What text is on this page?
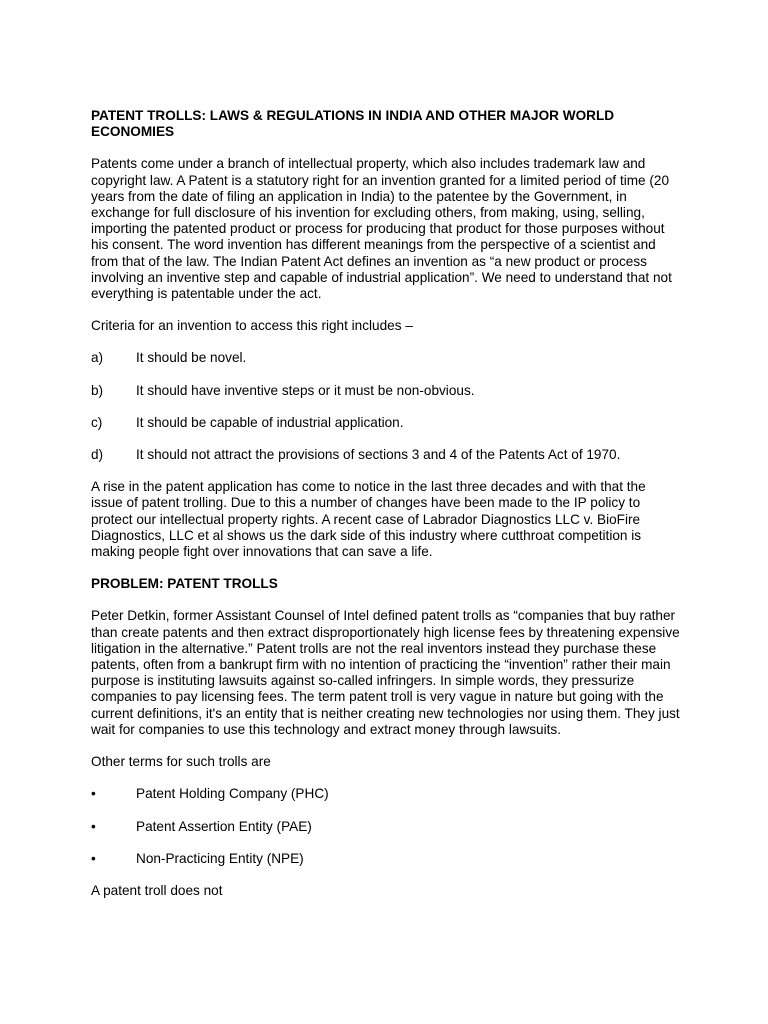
PATENT TROLLS: LAWS & REGULATIONS IN INDIA AND OTHER MAJOR WORLD ECONOMIES
Patents come under a branch of intellectual property, which also includes trademark law and copyright law. A Patent is a statutory right for an invention granted for a limited period of time (20 years from the date of filing an application in India) to the patentee by the Government, in exchange for full disclosure of his invention for excluding others, from making, using, selling, importing the patented product or process for producing that product for those purposes without his consent. The word invention has different meanings from the perspective of a scientist and from that of the law. The Indian Patent Act defines an invention as “a new product or process involving an inventive step and capable of industrial application”. We need to understand that not everything is patentable under the act.
Criteria for an invention to access this right includes –
a)	It should be novel.
b)	It should have inventive steps or it must be non-obvious.
c)	It should be capable of industrial application.
d)	It should not attract the provisions of sections 3 and 4 of the Patents Act of 1970.
A rise in the patent application has come to notice in the last three decades and with that the issue of patent trolling. Due to this a number of changes have been made to the IP policy to protect our intellectual property rights. A recent case of Labrador Diagnostics LLC v. BioFire Diagnostics, LLC et al shows us the dark side of this industry where cutthroat competition is making people fight over innovations that can save a life.
PROBLEM: PATENT TROLLS
Peter Detkin, former Assistant Counsel of Intel defined patent trolls as “companies that buy rather than create patents and then extract disproportionately high license fees by threatening expensive litigation in the alternative.” Patent trolls are not the real inventors instead they purchase these patents, often from a bankrupt firm with no intention of practicing the “invention” rather their main purpose is instituting lawsuits against so-called infringers. In simple words, they pressurize companies to pay licensing fees. The term patent troll is very vague in nature but going with the current definitions, it's an entity that is neither creating new technologies nor using them. They just wait for companies to use this technology and extract money through lawsuits.
Other terms for such trolls are
•	Patent Holding Company (PHC)
•	Patent Assertion Entity (PAE)
•	Non-Practicing Entity (NPE)
A patent troll does not
